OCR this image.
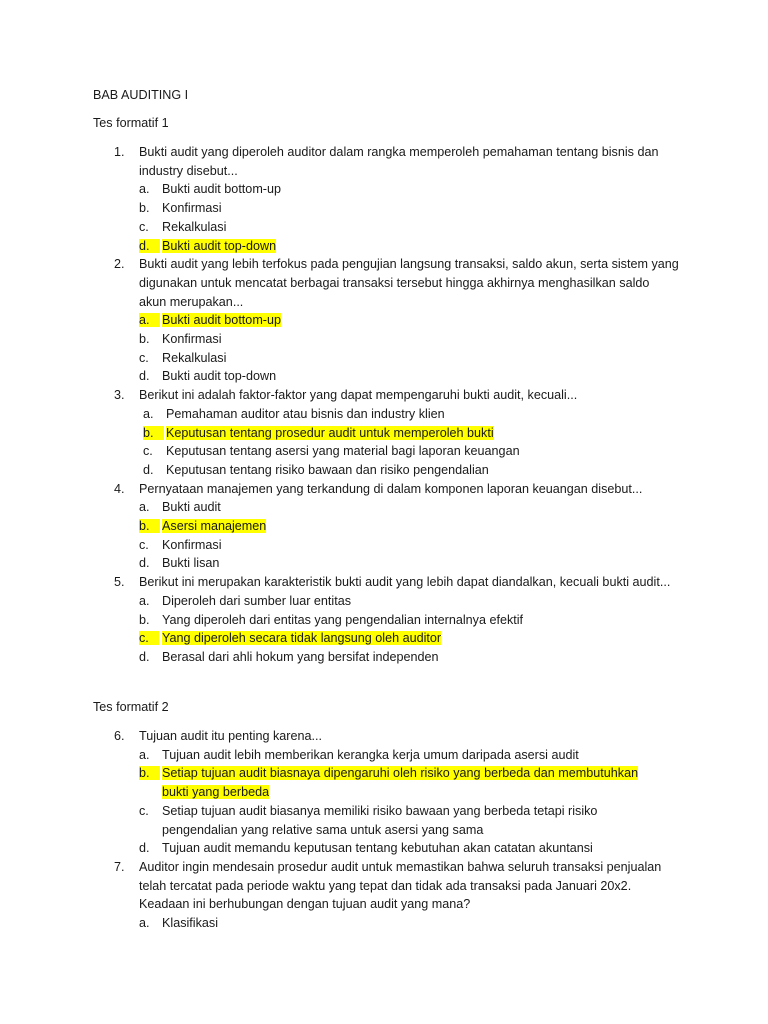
BAB AUDITING I
Tes formatif 1
1.	Bukti audit yang diperoleh auditor dalam rangka memperoleh pemahaman tentang bisnis dan industry disebut...
a. Bukti audit bottom-up
b. Konfirmasi
c.	Rekalkulasi
d. Bukti audit top-down
2.	Bukti audit yang lebih terfokus pada pengujian langsung transaksi, saldo akun, serta sistem yang digunakan untuk mencatat berbagai transaksi tersebut hingga akhirnya menghasilkan saldo akun merupakan...
a. Bukti audit bottom-up
b. Konfirmasi
c.	Rekalkulasi
d. Bukti audit top-down
3.	Berikut ini adalah faktor-faktor yang dapat mempengaruhi bukti audit, kecuali...
a. Pemahaman auditor atau bisnis dan industry klien
b. Keputusan tentang prosedur audit untuk memperoleh bukti
c.	Keputusan tentang asersi yang material bagi laporan keuangan
d. Keputusan tentang risiko bawaan dan risiko pengendalian
4.	Pernyataan manajemen yang terkandung di dalam komponen laporan keuangan disebut...
a. Bukti audit
b. Asersi manajemen
c.	Konfirmasi
d. Bukti lisan
5.	Berikut ini merupakan karakteristik bukti audit yang lebih dapat diandalkan, kecuali bukti audit...
a. Diperoleh dari sumber luar entitas
b. Yang diperoleh dari entitas yang pengendalian internalnya efektif
c. Yang diperoleh secara tidak langsung oleh auditor
d. Berasal dari ahli hokum yang bersifat independen
Tes formatif 2
6.	Tujuan audit itu penting karena...
a. Tujuan audit lebih memberikan kerangka kerja umum daripada asersi audit
b. Setiap tujuan audit biasnaya dipengaruhi oleh risiko yang berbeda dan membutuhkan bukti yang berbeda
c.	Setiap tujuan audit biasanya memiliki risiko bawaan yang berbeda tetapi risiko pengendalian yang relative sama untuk asersi yang sama
d. Tujuan audit memandu keputusan tentang kebutuhan akan catatan akuntansi
7.	Auditor ingin mendesain prosedur audit untuk memastikan bahwa seluruh transaksi penjualan telah tercatat pada periode waktu yang tepat dan tidak ada transaksi pada Januari 20x2. Keadaan ini berhubungan dengan tujuan audit yang mana?
a. Klasifikasi
